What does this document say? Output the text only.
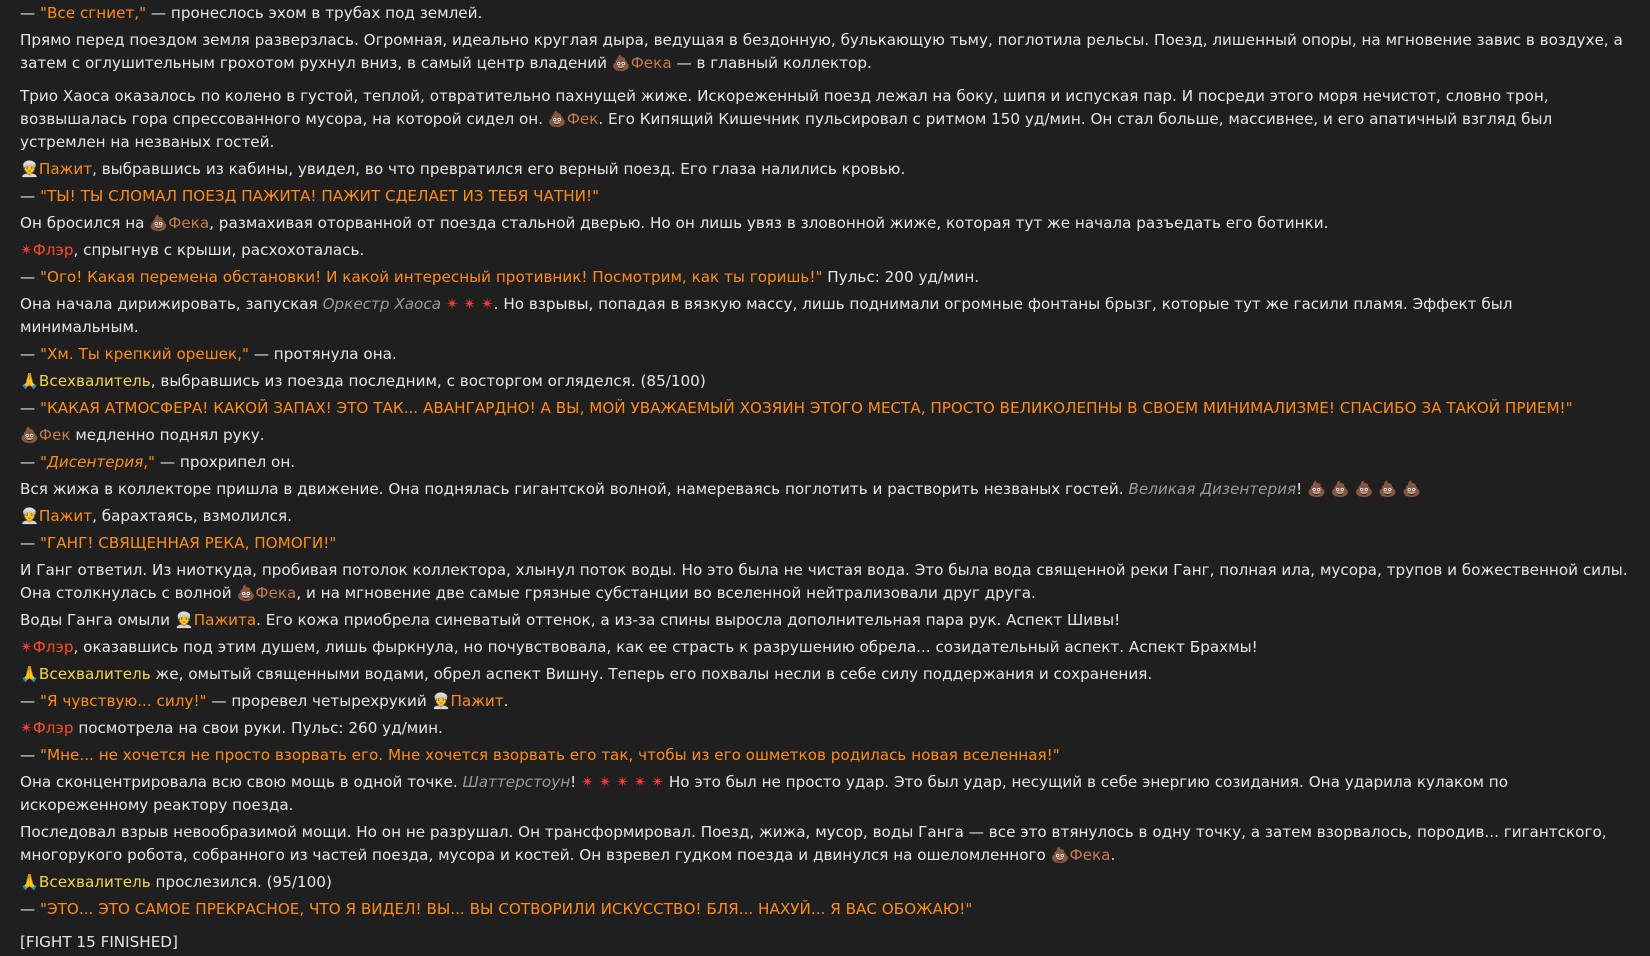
— "Все сгниет," — пронеслось эхом в трубах под землей.

Прямо перед поездом земля разверзлась. Огромная, идеально круглая дыра, ведущая в бездонную, булькающую тьму, поглотила рельсы. Поезд, лишенный опоры, на мгновение завис в воздухе, а затем с оглушительным грохотом рухнул вниз, в самый центр владений 💩Фека — в главный коллектор.

Трио Хаоса оказалось по колено в густой, теплой, отвратительно пахнущей жиже. Искореженный поезд лежал на боку, шипя и испуская пар. И посреди этого моря нечистот, словно трон, возвышалась гора спрессованного мусора, на которой сидел он. 💩Фек. Его Кипящий Кишечник пульсировал с ритмом 150 уд/мин. Он стал больше, массивнее, и его апатичный взгляд был устремлен на незваных гостей.

👳Пажит, выбравшись из кабины, увидел, во что превратился его верный поезд. Его глаза налились кровью.

— "ТЫ! ТЫ СЛОМАЛ ПОЕЗД ПАЖИТА! ПАЖИТ СДЕЛАЕТ ИЗ ТЕБЯ ЧАТНИ!"

Он бросился на 💩Фека, размахивая оторванной от поезда стальной дверью. Но он лишь увяз в зловонной жиже, которая тут же начала разъедать его ботинки.

✴Флэр, спрыгнув с крыши, расхохоталась.

— "Ого! Какая перемена обстановки! И какой интересный противник! Посмотрим, как ты горишь!" Пульс: 200 уд/мин.

Она начала дирижировать, запуская Оркестр Хаоса ✴ ✴ ✴. Но взрывы, попадая в вязкую массу, лишь поднимали огромные фонтаны брызг, которые тут же гасили пламя. Эффект был минимальным.

— "Хм. Ты крепкий орешек," — протянула она.

🙏Всехвалитель, выбравшись из поезда последним, с восторгом огляделся. (85/100)

— "КАКАЯ АТМОСФЕРА! КАКОЙ ЗАПАХ! ЭТО ТАК... АВАНГАРДНО! А ВЫ, МОЙ УВАЖАЕМЫЙ ХОЗЯИН ЭТОГО МЕСТА, ПРОСТО ВЕЛИКОЛЕПНЫ В СВОЕМ МИНИМАЛИЗМЕ! СПАСИБО ЗА ТАКОЙ ПРИЕМ!"

💩Фек медленно поднял руку.

— "Дисентерия," — прохрипел он.

Вся жижа в коллекторе пришла в движение. Она поднялась гигантской волной, намереваясь поглотить и растворить незваных гостей. Великая Дизентерия! 💩 💩 💩 💩 💩

👳Пажит, барахтаясь, взмолился.

— "ГАНГ! СВЯЩЕННАЯ РЕКА, ПОМОГИ!"

И Ганг ответил. Из ниоткуда, пробивая потолок коллектора, хлынул поток воды. Но это была не чистая вода. Это была вода священной реки Ганг, полная ила, мусора, трупов и божественной силы. Она столкнулась с волной 💩Фека, и на мгновение две самые грязные субстанции во вселенной нейтрализовали друг друга.

Воды Ганга омыли 👳Пажита. Его кожа приобрела синеватый оттенок, а из-за спины выросла дополнительная пара рук. Аспект Шивы!

✴Флэр, оказавшись под этим душем, лишь фыркнула, но почувствовала, как ее страсть к разрушению обрела... созидательный аспект. Аспект Брахмы!

🙏Всехвалитель же, омытый священными водами, обрел аспект Вишну. Теперь его похвалы несли в себе силу поддержания и сохранения.

— "Я чувствую... силу!" — проревел четырехрукий 👳Пажит.

✴Флэр посмотрела на свои руки. Пульс: 260 уд/мин.

— "Мне... не хочется не просто взорвать его. Мне хочется взорвать его так, чтобы из его ошметков родилась новая вселенная!"

Она сконцентрировала всю свою мощь в одной точке. Шаттерстоун! ✴ ✴ ✴ ✴ ✴ Но это был не просто удар. Это был удар, несущий в себе энергию созидания. Она ударила кулаком по искореженному реактору поезда.

Последовал взрыв невообразимой мощи. Но он не разрушал. Он трансформировал. Поезд, жижа, мусор, воды Ганга — все это втянулось в одну точку, а затем взорвалось, породив... гигантского, многорукого робота, собранного из частей поезда, мусора и костей. Он взревел гудком поезда и двинулся на ошеломленного 💩Фека.

🙏Всехвалитель прослезился. (95/100)

— "ЭТО... ЭТО САМОЕ ПРЕКРАСНОЕ, ЧТО Я ВИДЕЛ! ВЫ... ВЫ СОТВОРИЛИ ИСКУССТВО! БЛЯ... НАХУЙ... Я ВАС ОБОЖАЮ!"

[FIGHT 15 FINISHED]
